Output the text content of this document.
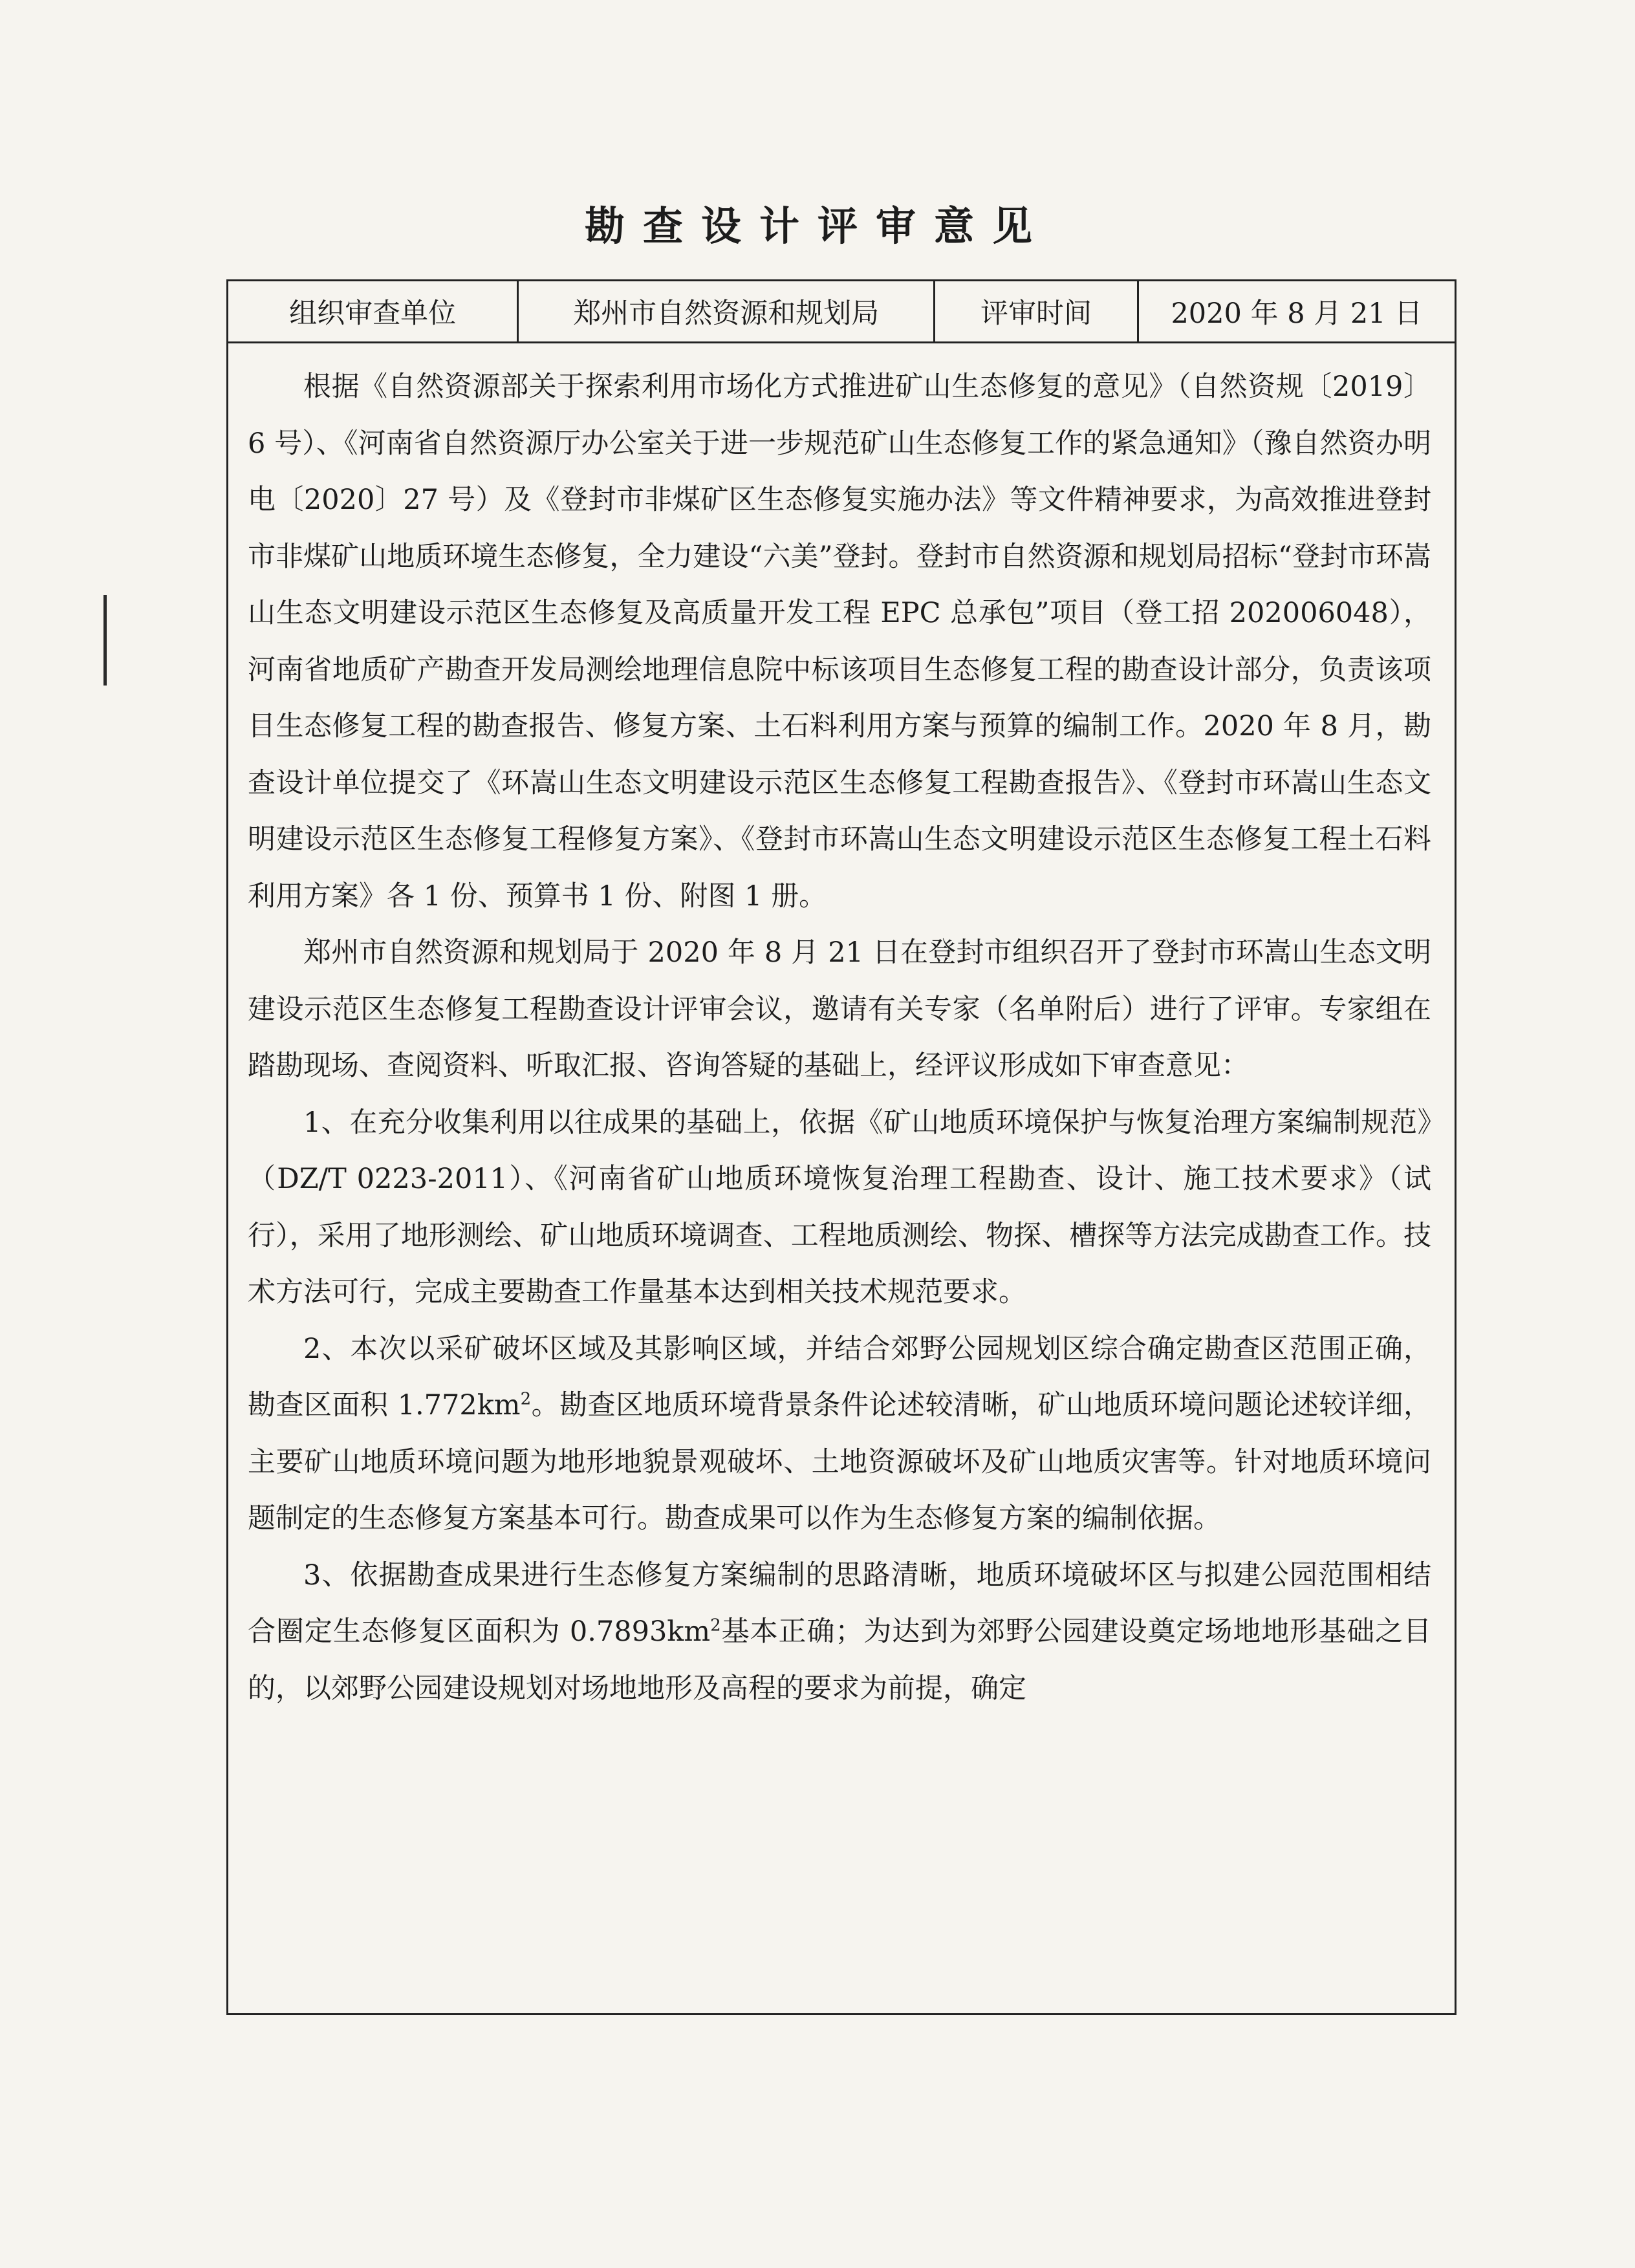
勘查设计评审意见
组织审查单位	郑州市自然资源和规划局	评审时间	2020 年 8 月 21 日

根据《自然资源部关于探索利用市场化方式推进矿山生态修复的意见》（自然资规〔2019〕6 号）、《河南省自然资源厅办公室关于进一步规范矿山生态修复工作的紧急通知》（豫自然资办明电〔2020〕27 号）及《登封市非煤矿区生态修复实施办法》等文件精神要求，为高效推进登封市非煤矿山地质环境生态修复，全力建设“六美”登封。登封市自然资源和规划局招标“登封市环嵩山生态文明建设示范区生态修复及高质量开发工程 EPC 总承包”项目（登工招 202006048），河南省地质矿产勘查开发局测绘地理信息院中标该项目生态修复工程的勘查设计部分，负责该项目生态修复工程的勘查报告、修复方案、土石料利用方案与预算的编制工作。2020 年 8 月，勘查设计单位提交了《环嵩山生态文明建设示范区生态修复工程勘查报告》、《登封市环嵩山生态文明建设示范区生态修复工程修复方案》、《登封市环嵩山生态文明建设示范区生态修复工程土石料利用方案》各 1 份、预算书 1 份、附图 1 册。

郑州市自然资源和规划局于 2020 年 8 月 21 日在登封市组织召开了登封市环嵩山生态文明建设示范区生态修复工程勘查设计评审会议，邀请有关专家（名单附后）进行了评审。专家组在踏勘现场、查阅资料、听取汇报、咨询答疑的基础上，经评议形成如下审查意见：

1、在充分收集利用以往成果的基础上，依据《矿山地质环境保护与恢复治理方案编制规范》（DZ/T 0223-2011）、《河南省矿山地质环境恢复治理工程勘查、设计、施工技术要求》（试行），采用了地形测绘、矿山地质环境调查、工程地质测绘、物探、槽探等方法完成勘查工作。技术方法可行，完成主要勘查工作量基本达到相关技术规范要求。

2、本次以采矿破坏区域及其影响区域，并结合郊野公园规划区综合确定勘查区范围正确，勘查区面积 $1.772km^2$。勘查区地质环境背景条件论述较清晰，矿山地质环境问题论述较详细，主要矿山地质环境问题为地形地貌景观破坏、土地资源破坏及矿山地质灾害等。针对地质环境问题制定的生态修复方案基本可行。勘查成果可以作为生态修复方案的编制依据。

3、依据勘查成果进行生态修复方案编制的思路清晰，地质环境破坏区与拟建公园范围相结合圈定生态修复区面积为 $0.7893km^2$基本正确；为达到为郊野公园建设奠定场地地形基础之目的，以郊野公园建设规划对场地地形及高程的要求为前提，确定
